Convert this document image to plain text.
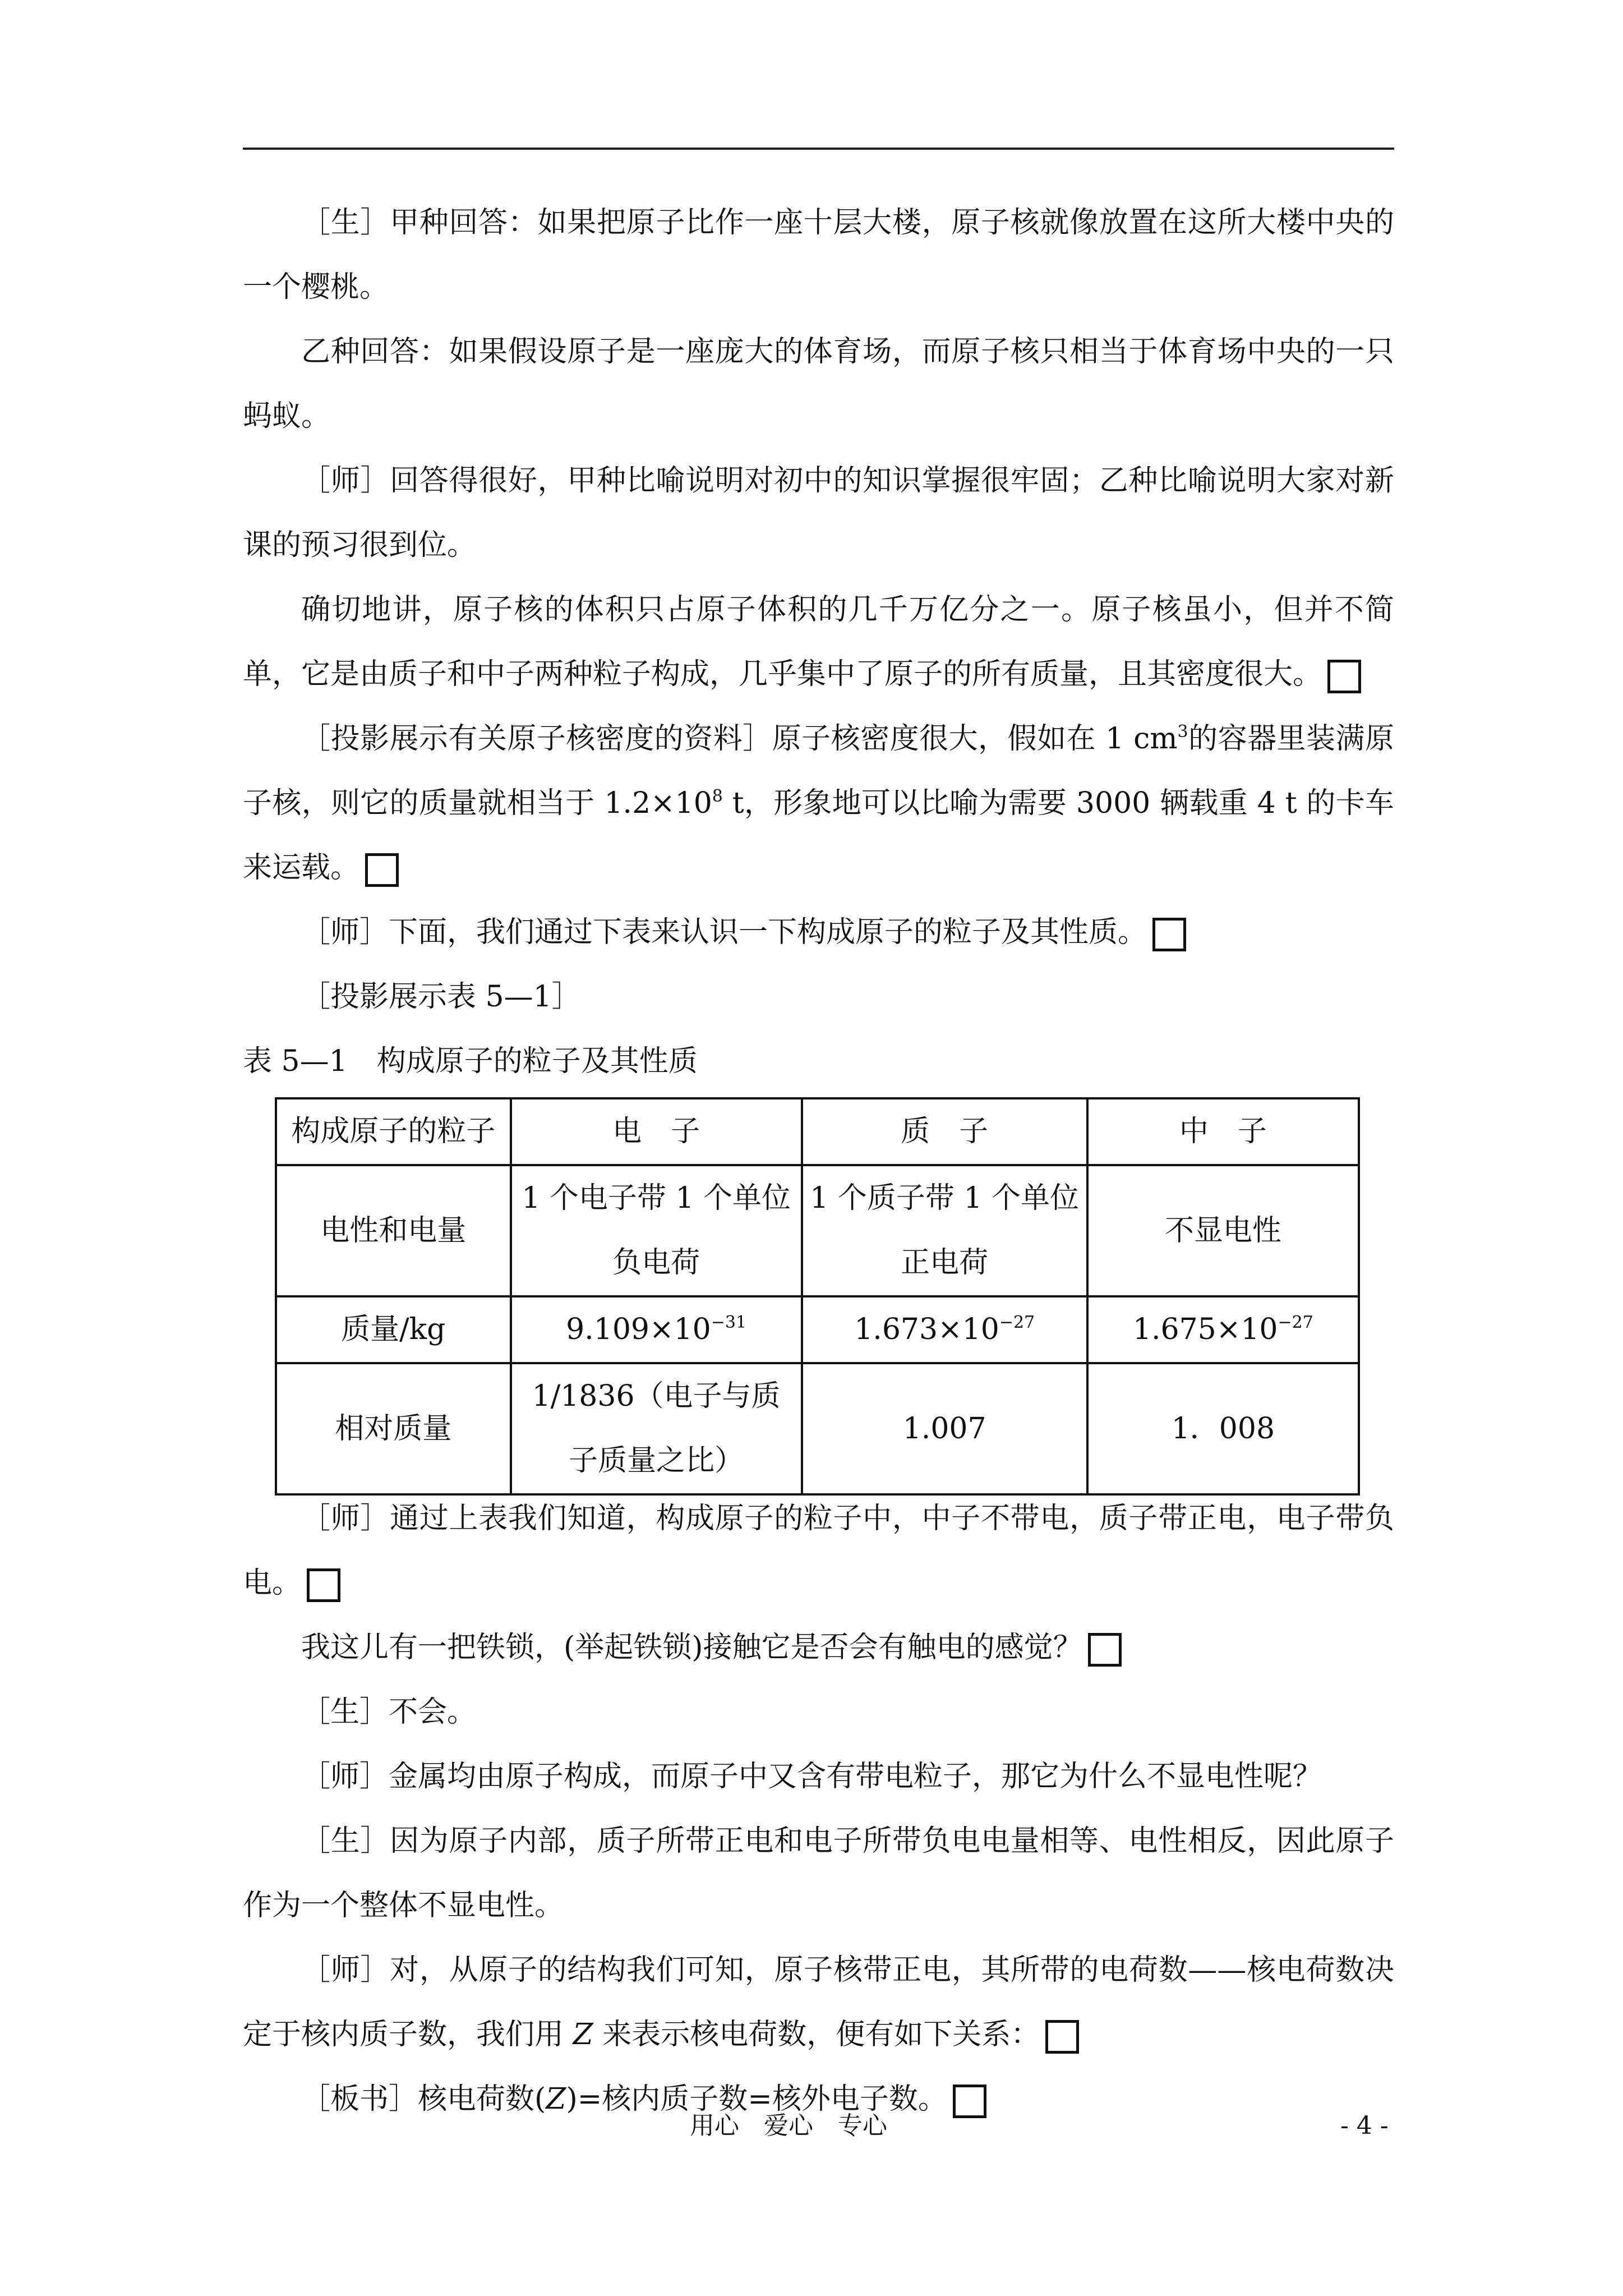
［生］甲种回答：如果把原子比作一座十层大楼，原子核就像放置在这所大楼中央的一个樱桃。

乙种回答：如果假设原子是一座庞大的体育场，而原子核只相当于体育场中央的一只蚂蚁。

［师］回答得很好，甲种比喻说明对初中的知识掌握很牢固；乙种比喻说明大家对新课的预习很到位。

确切地讲，原子核的体积只占原子体积的几千万亿分之一。原子核虽小，但并不简单，它是由质子和中子两种粒子构成，几乎集中了原子的所有质量，且其密度很大。

［投影展示有关原子核密度的资料］原子核密度很大，假如在 1 $cm^3$的容器里装满原子核，则它的质量就相当于 $1.2\times 10^8$ t，形象地可以比喻为需要 3000 辆载重 4 t 的卡车来运载。

［师］下面，我们通过下表来认识一下构成原子的粒子及其性质。

［投影展示表 5—1］

表 5—1　构成原子的粒子及其性质

构成原子的粒子	电　子	质　子	中　子
电性和电量	1 个电子带 1 个单位负电荷	1 个质子带 1 个单位正电荷	不显电性
质量/kg	$9.109\times 10^{-31}$	$1.673\times 10^{-27}$	$1.675\times 10^{-27}$
相对质量	1/1836（电子与质子质量之比）	1.007	1．008

［师］通过上表我们知道，构成原子的粒子中，中子不带电，质子带正电，电子带负电。

我这儿有一把铁锁，(举起铁锁)接触它是否会有触电的感觉？

［生］不会。

［师］金属均由原子构成，而原子中又含有带电粒子，那它为什么不显电性呢？

［生］因为原子内部，质子所带正电和电子所带负电电量相等、电性相反，因此原子作为一个整体不显电性。

［师］对，从原子的结构我们可知，原子核带正电，其所带的电荷数——核电荷数决定于核内质子数，我们用 Z 来表示核电荷数，便有如下关系：

［板书］核电荷数(Z)=核内质子数=核外电子数。

用心　爱心　专心	- 4 -
